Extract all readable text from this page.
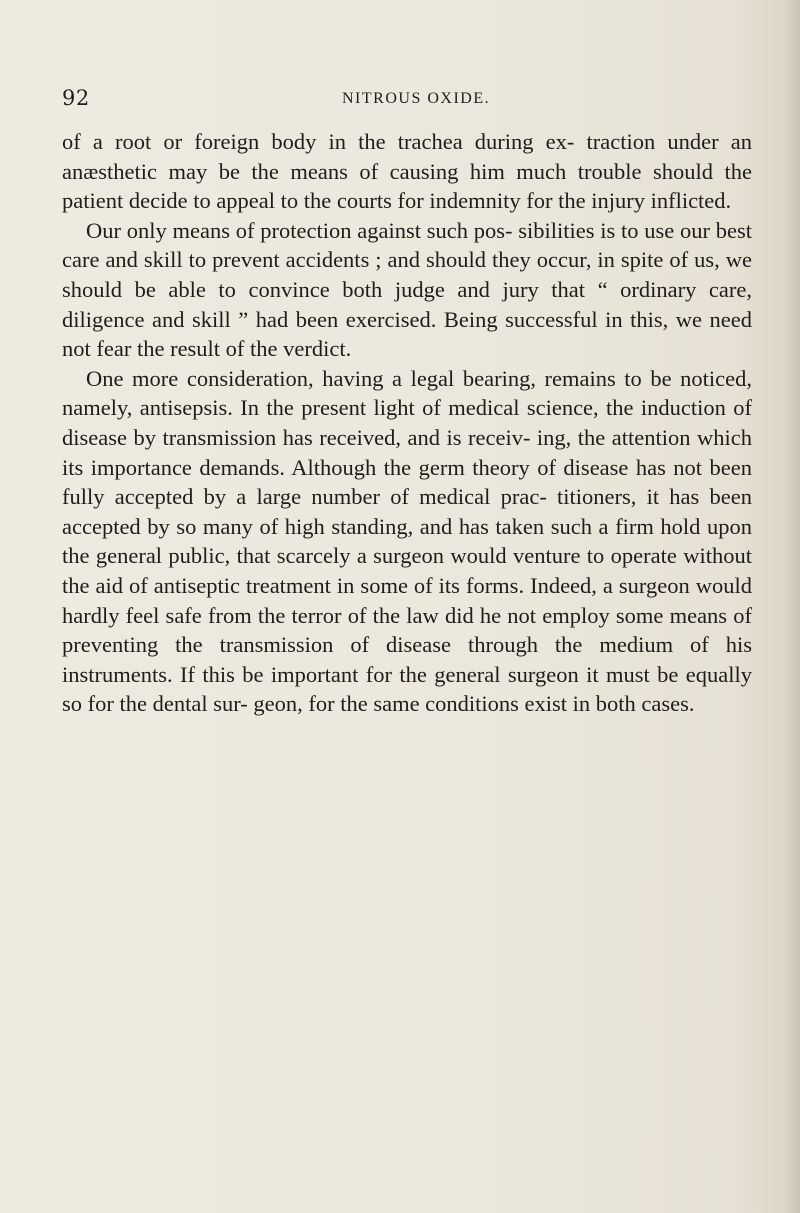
92	NITROUS OXIDE.

of a root or foreign body in the trachea during ex- traction under an anæsthetic may be the means of causing him much trouble should the patient decide to appeal to the courts for indemnity for the injury inflicted.

Our only means of protection against such pos- sibilities is to use our best care and skill to prevent accidents ; and should they occur, in spite of us, we should be able to convince both judge and jury that “ ordinary care, diligence and skill ” had been exercised. Being successful in this, we need not fear the result of the verdict.

One more consideration, having a legal bearing, remains to be noticed, namely, antisepsis. In the present light of medical science, the induction of disease by transmission has received, and is receiv- ing, the attention which its importance demands. Although the germ theory of disease has not been fully accepted by a large number of medical prac- titioners, it has been accepted by so many of high standing, and has taken such a firm hold upon the general public, that scarcely a surgeon would venture to operate without the aid of antiseptic treatment in some of its forms. Indeed, a surgeon would hardly feel safe from the terror of the law did he not employ some means of preventing the transmission of disease through the medium of his instruments. If this be important for the general surgeon it must be equally so for the dental sur- geon, for the same conditions exist in both cases.
